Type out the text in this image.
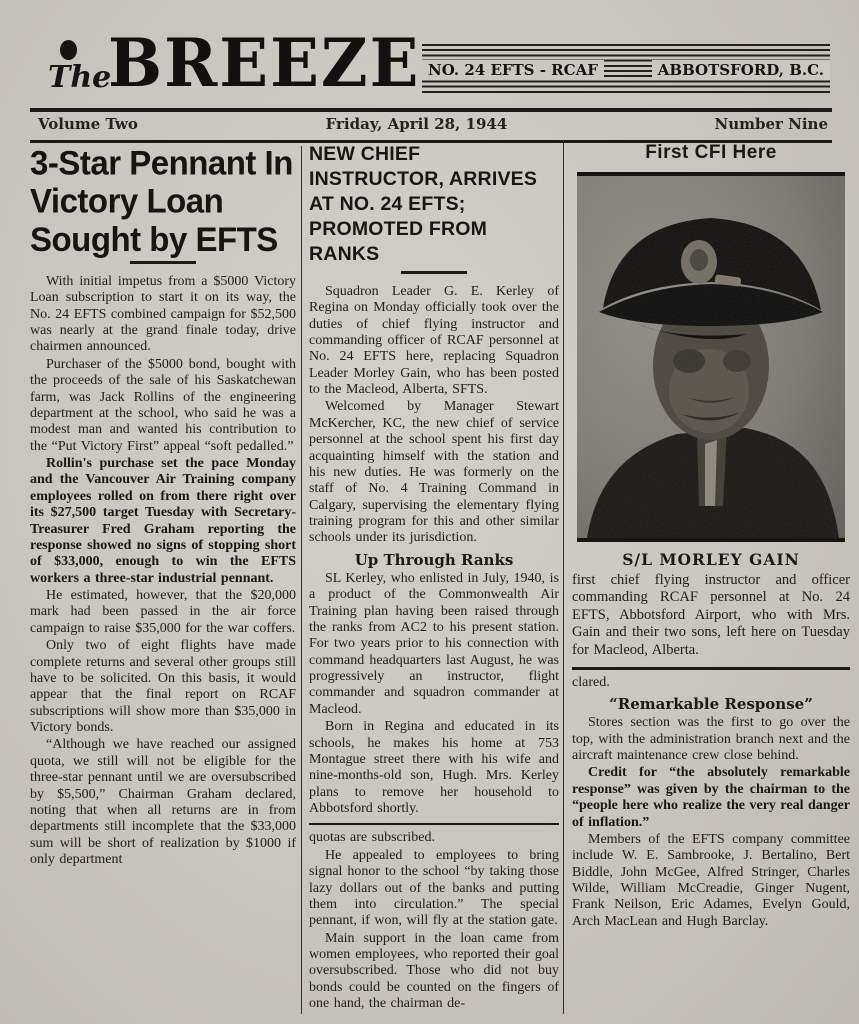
The
BREEZE NO. 24 EFTS - RCAF	ABBOTSFORD, B.C.
Volume Two	Friday, April 28, 1944	Number Nine
3-Star Pennant In Victory Loan Sought by EFTS

With initial impetus from a $5000 Victory Loan subscription to start it on its way, the No. 24 EFTS combined campaign for $52,500 was nearly at the grand finale today, drive chairmen announced.

Purchaser of the $5000 bond, bought with the proceeds of the sale of his Saskatchewan farm, was Jack Rollins of the engineering department at the school, who said he was a modest man and wanted his contribution to the “Put Victory First” appeal “soft pedalled.”

Rollin's purchase set the pace Monday and the Vancouver Air Training company employees rolled on from there right over its $27,500 target Tuesday with Secretary-Treasurer Fred Graham reporting the response showed no signs of stopping short of $33,000, enough to win the EFTS workers a three-star industrial pennant.

He estimated, however, that the $20,000 mark had been passed in the air force campaign to raise $35,000 for the war coffers.

Only two of eight flights have made complete returns and several other groups still have to be solicited. On this basis, it would appear that the final report on RCAF subscriptions will show more than $35,000 in Victory bonds.

“Although we have reached our assigned quota, we still will not be eligible for the three-star pennant until we are oversubscribed by $5,500,” Chairman Graham declared, noting that when all returns are in from departments still incomplete that the $33,000 sum will be short of realization by $1000 if only department

NEW CHIEF INSTRUCTOR, ARRIVES AT NO. 24 EFTS; PROMOTED FROM RANKS

Squadron Leader G. E. Kerley of Regina on Monday officially took over the duties of chief flying instructor and commanding officer of RCAF personnel at No. 24 EFTS here, replacing Squadron Leader Morley Gain, who has been posted to the Macleod, Alberta, SFTS.

Welcomed by Manager Stewart McKercher, KC, the new chief of service personnel at the school spent his first day acquainting himself with the station and his new duties. He was formerly on the staff of No. 4 Training Command in Calgary, supervising the elementary flying training program for this and other similar schools under its jurisdiction.

Up Through Ranks

SL Kerley, who enlisted in July, 1940, is a product of the Commonwealth Air Training plan having been raised through the ranks from AC2 to his present station. For two years prior to his connection with command headquarters last August, he was progressively an instructor, flight commander and squadron commander at Macleod.

Born in Regina and educated in its schools, he makes his home at 753 Montague street there with his wife and nine-months-old son, Hugh. Mrs. Kerley plans to remove her household to Abbotsford shortly.

quotas are subscribed.

He appealed to employees to bring signal honor to the school “by taking those lazy dollars out of the banks and putting them into circulation.” The special pennant, if won, will fly at the station gate.

Main support in the loan came from women employees, who reported their goal oversubscribed. Those who did not buy bonds could be counted on the fingers of one hand, the chairman de-

First CFI Here
S/L MORLEY GAIN
first chief flying instructor and officer commanding RCAF personnel at No. 24 EFTS, Abbotsford Airport, who with Mrs. Gain and their two sons, left here on Tuesday for Macleod, Alberta.

clared.

“Remarkable Response”

Stores section was the first to go over the top, with the administration branch next and the aircraft maintenance crew close behind.

Credit for “the absolutely remarkable response” was given by the chairman to the “people here who realize the very real danger of inflation.”

Members of the EFTS company committee include W. E. Sambrooke, J. Bertalino, Bert Biddle, John McGee, Alfred Stringer, Charles Wilde, William McCreadie, Ginger Nugent, Frank Neilson, Eric Adames, Evelyn Gould, Arch MacLean and Hugh Barclay.
